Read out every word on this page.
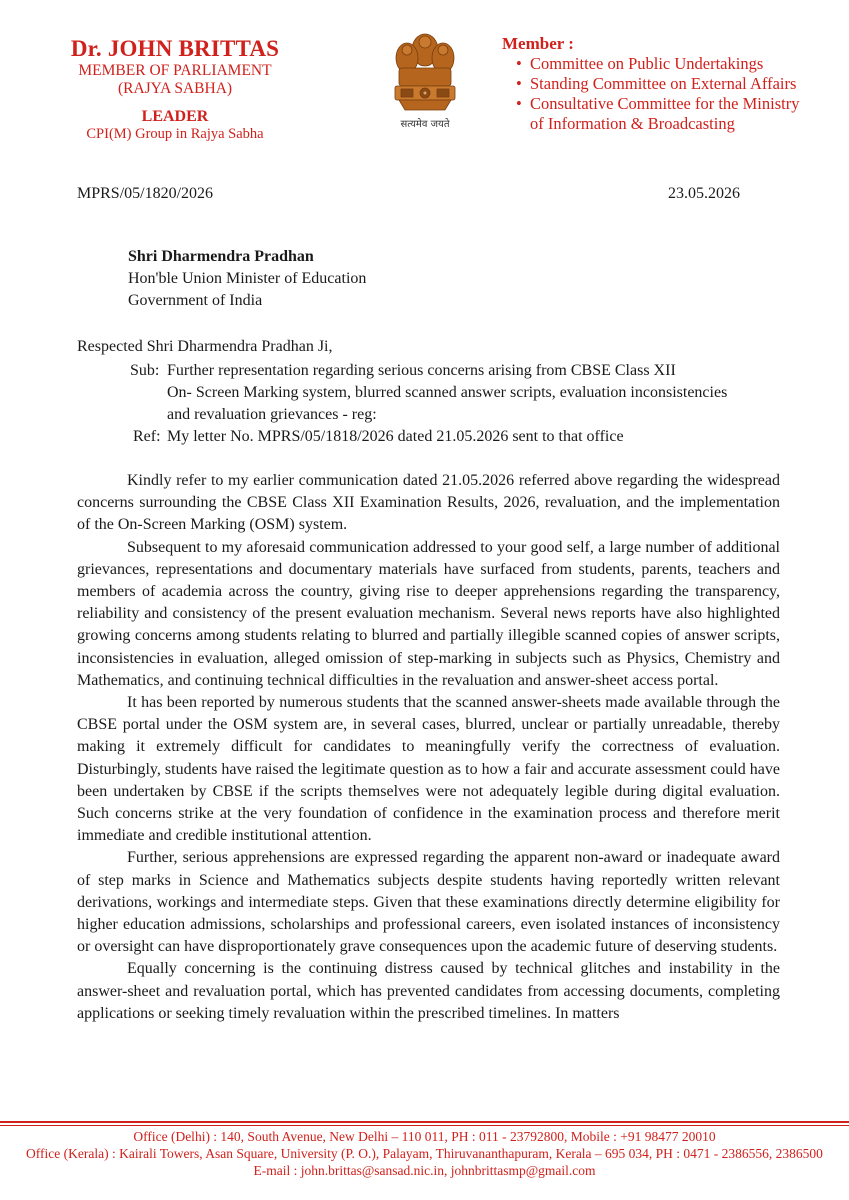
Dr. JOHN BRITTAS
MEMBER OF PARLIAMENT
(RAJYA SABHA)
LEADER
CPI(M) Group in Rajya Sabha
सत्यमेव जयते
Member :
• Committee on Public Undertakings
• Standing Committee on External Affairs
• Consultative Committee for the Ministry
of Information & Broadcasting
MPRS/05/1820/2026	23.05.2026
Shri Dharmendra Pradhan
Hon'ble Union Minister of Education
Government of India
Respected Shri Dharmendra Pradhan Ji,
Sub: Further representation regarding serious concerns arising from CBSE Class XII
On- Screen Marking system, blurred scanned answer scripts, evaluation inconsistencies
and revaluation grievances - reg:
Ref: My letter No. MPRS/05/1818/2026 dated 21.05.2026 sent to that office

Kindly refer to my earlier communication dated 21.05.2026 referred above regarding the widespread concerns surrounding the CBSE Class XII Examination Results, 2026, revaluation, and the implementation of the On-Screen Marking (OSM) system.

Subsequent to my aforesaid communication addressed to your good self, a large number of additional grievances, representations and documentary materials have surfaced from students, parents, teachers and members of academia across the country, giving rise to deeper apprehensions regarding the transparency, reliability and consistency of the present evaluation mechanism. Several news reports have also highlighted growing concerns among students relating to blurred and partially illegible scanned copies of answer scripts, inconsistencies in evaluation, alleged omission of step-marking in subjects such as Physics, Chemistry and Mathematics, and continuing technical difficulties in the revaluation and answer-sheet access portal.

It has been reported by numerous students that the scanned answer-sheets made available through the CBSE portal under the OSM system are, in several cases, blurred, unclear or partially unreadable, thereby making it extremely difficult for candidates to meaningfully verify the correctness of evaluation. Disturbingly, students have raised the legitimate question as to how a fair and accurate assessment could have been undertaken by CBSE if the scripts themselves were not adequately legible during digital evaluation. Such concerns strike at the very foundation of confidence in the examination process and therefore merit immediate and credible institutional attention.

Further, serious apprehensions are expressed regarding the apparent non-award or inadequate award of step marks in Science and Mathematics subjects despite students having reportedly written relevant derivations, workings and intermediate steps. Given that these examinations directly determine eligibility for higher education admissions, scholarships and professional careers, even isolated instances of inconsistency or oversight can have disproportionately grave consequences upon the academic future of deserving students.

Equally concerning is the continuing distress caused by technical glitches and instability in the answer-sheet and revaluation portal, which has prevented candidates from accessing documents, completing applications or seeking timely revaluation within the prescribed timelines. In matters

Office (Delhi) : 140, South Avenue, New Delhi – 110 011, PH : 011 - 23792800, Mobile : +91 98477 20010
Office (Kerala) : Kairali Towers, Asan Square, University (P. O.), Palayam, Thiruvananthapuram, Kerala – 695 034, PH : 0471 - 2386556, 2386500
E-mail : john.brittas@sansad.nic.in, johnbrittasmp@gmail.com
